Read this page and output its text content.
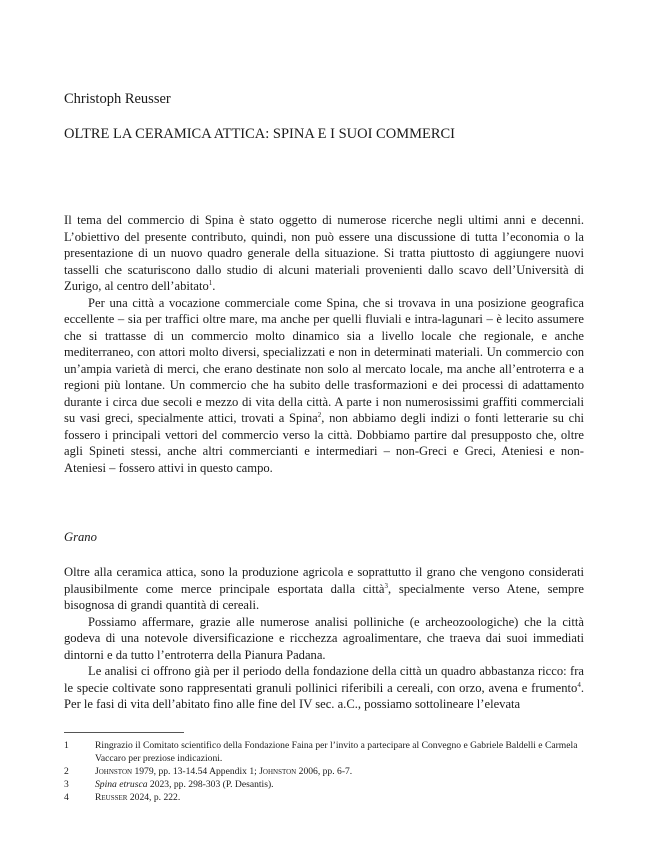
Christoph Reusser
OLTRE LA CERAMICA ATTICA: SPINA E I SUOI COMMERCI

Il tema del commercio di Spina è stato oggetto di numerose ricerche negli ultimi anni e decenni. L’obiettivo del presente contributo, quindi, non può essere una discussione di tutta l’economia o la presentazione di un nuovo quadro generale della situazione. Si tratta piuttosto di aggiungere nuovi tasselli che scaturiscono dallo studio di alcuni materiali provenienti dallo scavo dell’Università di Zurigo, al centro dell’abitato$^1$.

Per una città a vocazione commerciale come Spina, che si trovava in una posizione geografica eccellente – sia per traffici oltre mare, ma anche per quelli fluviali e intra-lagunari – è lecito assumere che si trattasse di un commercio molto dinamico sia a livello locale che regionale, e anche mediterraneo, con attori molto diversi, specializzati e non in determinati materiali. Un commercio con un’ampia varietà di merci, che erano destinate non solo al mercato locale, ma anche all’entroterra e a regioni più lontane. Un commercio che ha subito delle trasformazioni e dei processi di adattamento durante i circa due secoli e mezzo di vita della città. A parte i non numerosissimi graffiti commerciali su vasi greci, specialmente attici, trovati a Spina$^2$, non abbiamo degli indizi o fonti letterarie su chi fossero i principali vettori del commercio verso la città. Dobbiamo partire dal presupposto che, oltre agli Spineti stessi, anche altri commercianti e intermediari – non-Greci e Greci, Ateniesi e non-Ateniesi – fossero attivi in questo campo.

Grano

Oltre alla ceramica attica, sono la produzione agricola e soprattutto il grano che vengono considerati plausibilmente come merce principale esportata dalla città$^3$, specialmente verso Atene, sempre bisognosa di grandi quantità di cereali.

Possiamo affermare, grazie alle numerose analisi polliniche (e archeozoologiche) che la città godeva di una notevole diversificazione e ricchezza agroalimentare, che traeva dai suoi immediati dintorni e da tutto l’entroterra della Pianura Padana.

Le analisi ci offrono già per il periodo della fondazione della città un quadro abbastanza ricco: fra le specie coltivate sono rappresentati granuli pollinici riferibili a cereali, con orzo, avena e frumento$^4$. Per le fasi di vita dell’abitato fino alle fine del IV sec. a.C., possiamo sottolineare l’elevata

1	Ringrazio il Comitato scientifico della Fondazione Faina per l’invito a partecipare al Convegno e Gabriele Baldelli e Carmela Vaccaro per preziose indicazioni.
2	Johnston 1979, pp. 13-14.54 Appendix 1; Johnston 2006, pp. 6-7.
3	Spina etrusca 2023, pp. 298-303 (P. Desantis).
4	Reusser 2024, p. 222.
